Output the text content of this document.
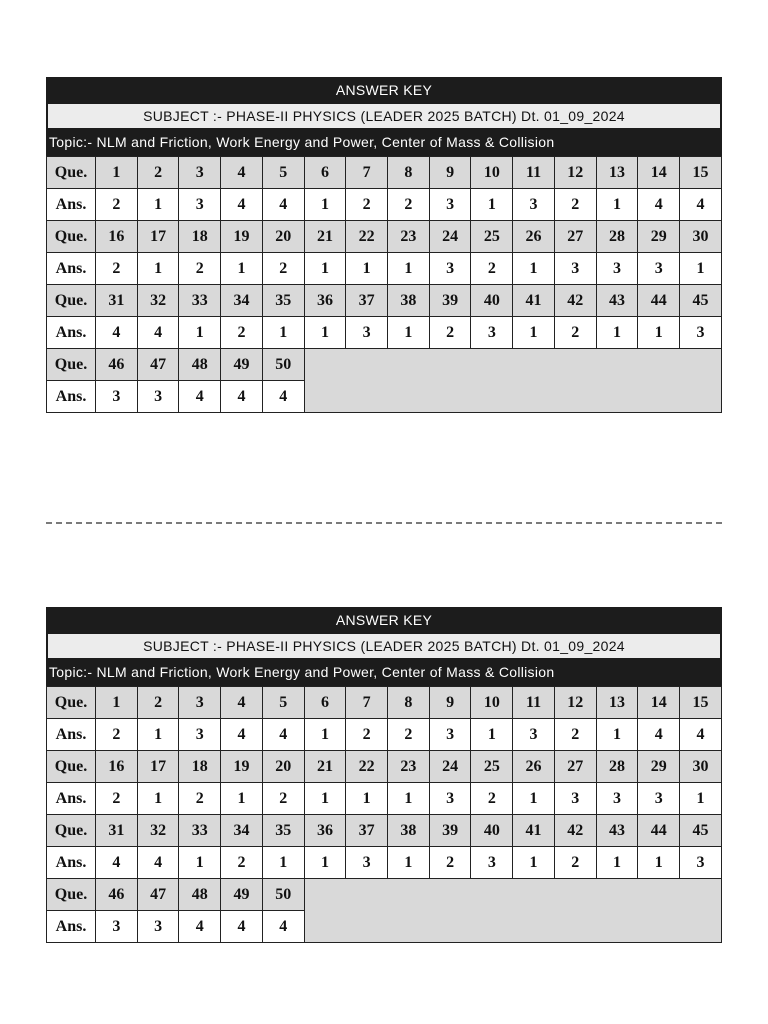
ANSWER KEY
SUBJECT :- PHASE-II PHYSICS (LEADER 2025 BATCH) Dt. 01_09_2024
Topic:- NLM and Friction, Work Energy and Power, Center of Mass & Collision
Que.	1	2	3	4	5	6	7	8	9	10	11	12	13	14	15
Ans.	2	1	3	4	4	1	2	2	3	1	3	2	1	4	4
Que.	16	17	18	19	20	21	22	23	24	25	26	27	28	29	30
Ans.	2	1	2	1	2	1	1	1	3	2	1	3	3	3	1
Que.	31	32	33	34	35	36	37	38	39	40	41	42	43	44	45
Ans.	4	4	1	2	1	1	3	1	2	3	1	2	1	1	3
Que.	46	47	48	49	50										
Ans.	3	3	4	4	4										
ANSWER KEY
SUBJECT :- PHASE-II PHYSICS (LEADER 2025 BATCH) Dt. 01_09_2024
Topic:- NLM and Friction, Work Energy and Power, Center of Mass & Collision
Que.	1	2	3	4	5	6	7	8	9	10	11	12	13	14	15
Ans.	2	1	3	4	4	1	2	2	3	1	3	2	1	4	4
Que.	16	17	18	19	20	21	22	23	24	25	26	27	28	29	30
Ans.	2	1	2	1	2	1	1	1	3	2	1	3	3	3	1
Que.	31	32	33	34	35	36	37	38	39	40	41	42	43	44	45
Ans.	4	4	1	2	1	1	3	1	2	3	1	2	1	1	3
Que.	46	47	48	49	50										
Ans.	3	3	4	4	4										
